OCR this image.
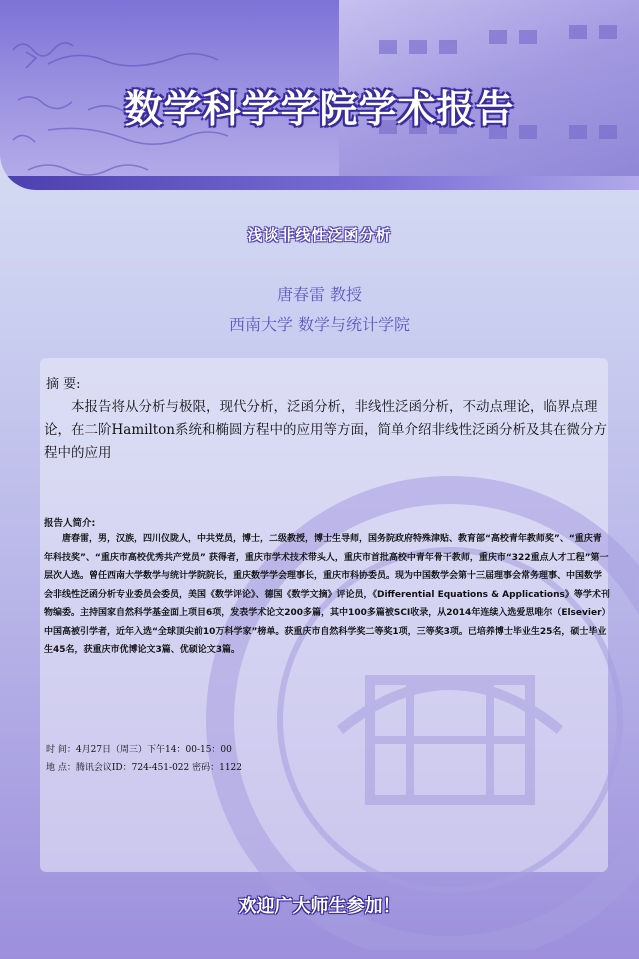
数学科学学院学术报告
浅谈非线性泛函分析
唐春雷 教授
西南大学 数学与统计学院
摘 要:
本报告将从分析与极限，现代分析，泛函分析，非线性泛函分析，不动点理论，临界点理论，在二阶Hamilton系统和椭圆方程中的应用等方面，简单介绍非线性泛函分析及其在微分方程中的应用
报告人简介:
唐春雷，男，汉族，四川仪陇人，中共党员，博士，二级教授，博士生导师，国务院政府特殊津贴、教育部“高校青年教师奖”、“重庆青年科技奖”、“重庆市高校优秀共产党员” 获得者，重庆市学术技术带头人，重庆市首批高校中青年骨干教师，重庆市“322重点人才工程”第一层次人选。曾任西南大学数学与统计学院院长，重庆数学学会理事长，重庆市科协委员。现为中国数学会第十三届理事会常务理事、中国数学会非线性泛函分析专业委员会委员，美国《数学评论》、德国《数学文摘》评论员，《Differential Equations & Applications》等学术刊物编委。主持国家自然科学基金面上项目6项，发表学术论文200多篇，其中100多篇被SCI收录，从2014年连续入选爱思唯尔（Elsevier）中国高被引学者，近年入选“全球顶尖前10万科学家”榜单。获重庆市自然科学奖二等奖1项，三等奖3项。已培养博士毕业生25名，硕士毕业生45名，获重庆市优博论文3篇、优硕论文3篇。
时 间：4月27日（周三）下午14：00-15：00
地 点：腾讯会议ID：724-451-022 密码：1122
欢迎广大师生参加！
